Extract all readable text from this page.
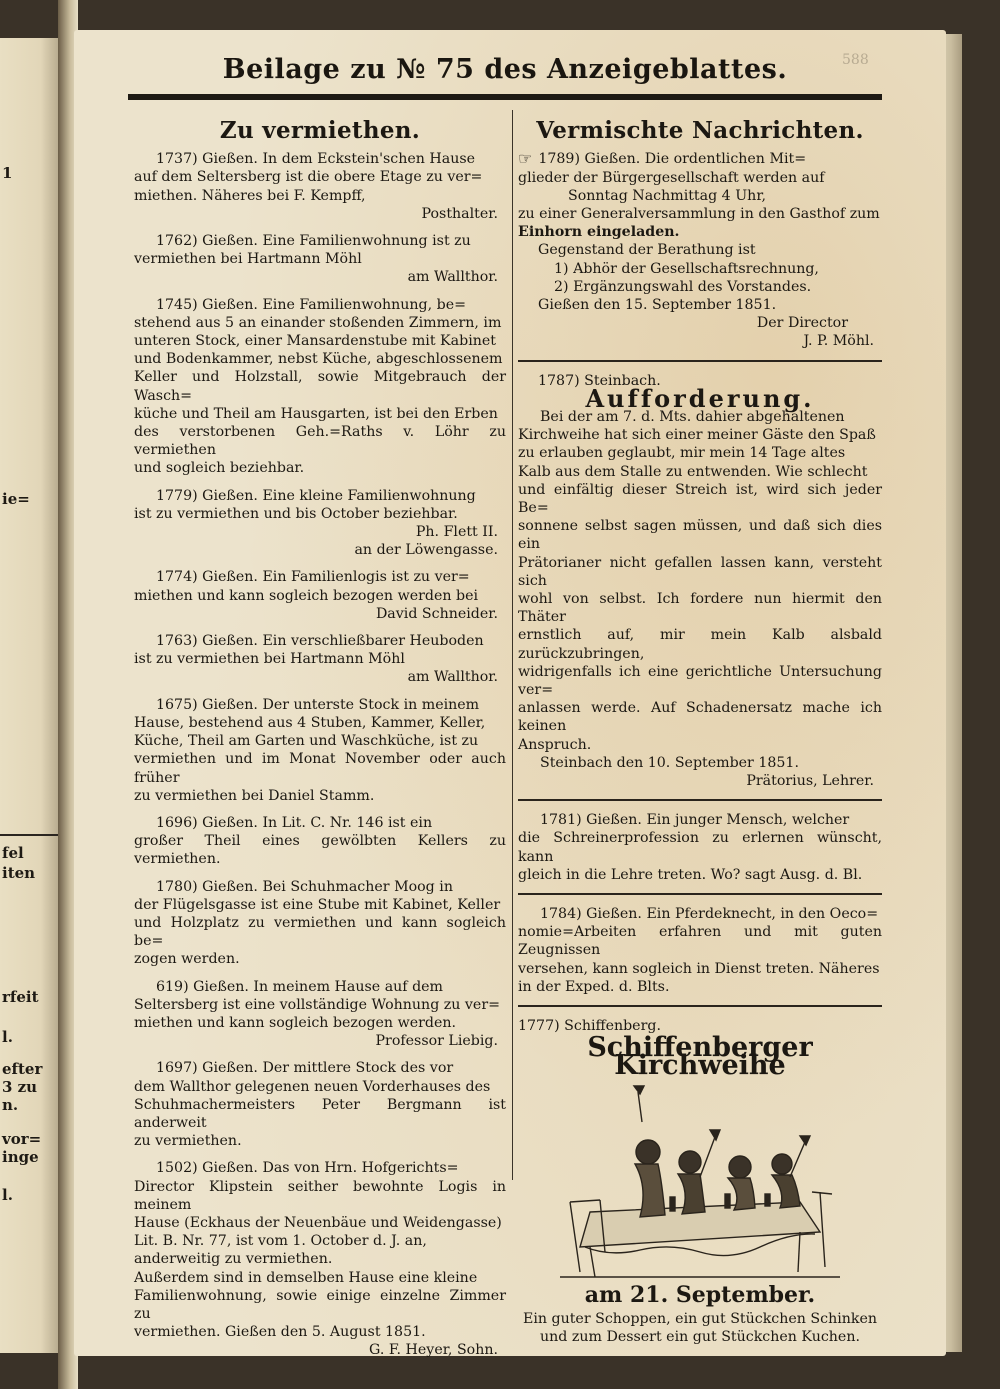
1
ie=
fel
iten
rfeit
l.
efter
3 zu
n.
vor=
inge
l.
588
Beilage zu № 75 des Anzeigeblattes.
Zu vermiethen.
1737) Gießen. In dem Eckstein'schen Hause
auf dem Seltersberg ist die obere Etage zu ver=
miethen. Näheres bei F. Kempff,
Posthalter.
1762) Gießen. Eine Familienwohnung ist zu
vermiethen bei Hartmann Möhl
am Wallthor.
1745) Gießen. Eine Familienwohnung, be=
stehend aus 5 an einander stoßenden Zimmern, im
unteren Stock, einer Mansardenstube mit Kabinet
und Bodenkammer, nebst Küche, abgeschlossenem
Keller und Holzstall, sowie Mitgebrauch der Wasch=
küche und Theil am Hausgarten, ist bei den Erben
des verstorbenen Geh.=Raths v. Löhr zu vermiethen
und sogleich beziehbar.
1779) Gießen. Eine kleine Familienwohnung
ist zu vermiethen und bis October beziehbar.
Ph. Flett II.
an der Löwengasse.
1774) Gießen. Ein Familienlogis ist zu ver=
miethen und kann sogleich bezogen werden bei
David Schneider.
1763) Gießen. Ein verschließbarer Heuboden
ist zu vermiethen bei Hartmann Möhl
am Wallthor.
1675) Gießen. Der unterste Stock in meinem
Hause, bestehend aus 4 Stuben, Kammer, Keller,
Küche, Theil am Garten und Waschküche, ist zu
vermiethen und im Monat November oder auch früher
zu vermiethen bei Daniel Stamm.
1696) Gießen. In Lit. C. Nr. 146 ist ein
großer Theil eines gewölbten Kellers zu vermiethen.
1780) Gießen. Bei Schuhmacher Moog in
der Flügelsgasse ist eine Stube mit Kabinet, Keller
und Holzplatz zu vermiethen und kann sogleich be=
zogen werden.
619) Gießen. In meinem Hause auf dem
Seltersberg ist eine vollständige Wohnung zu ver=
miethen und kann sogleich bezogen werden.
Professor Liebig.
1697) Gießen. Der mittlere Stock des vor
dem Wallthor gelegenen neuen Vorderhauses des
Schuhmachermeisters Peter Bergmann ist anderweit
zu vermiethen.
1502) Gießen. Das von Hrn. Hofgerichts=
Director Klipstein seither bewohnte Logis in meinem
Hause (Eckhaus der Neuenbäue und Weidengasse)
Lit. B. Nr. 77, ist vom 1. October d. J. an,
anderweitig zu vermiethen.
Außerdem sind in demselben Hause eine kleine
Familienwohnung, sowie einige einzelne Zimmer zu
vermiethen. Gießen den 5. August 1851.
G. F. Heyer, Sohn.
Vermischte Nachrichten.
☞ 1789) Gießen. Die ordentlichen Mit=
glieder der Bürgergesellschaft werden auf
Sonntag Nachmittag 4 Uhr,
zu einer Generalversammlung in den Gasthof zum
Einhorn eingeladen.
Gegenstand der Berathung ist
1) Abhör der Gesellschaftsrechnung,
2) Ergänzungswahl des Vorstandes.
Gießen den 15. September 1851.
Der Director
J. P. Möhl.
1787) Steinbach.
Aufforderung.
Bei der am 7. d. Mts. dahier abgehaltenen
Kirchweihe hat sich einer meiner Gäste den Spaß
zu erlauben geglaubt, mir mein 14 Tage altes
Kalb aus dem Stalle zu entwenden. Wie schlecht
und einfältig dieser Streich ist, wird sich jeder Be=
sonnene selbst sagen müssen, und daß sich dies ein
Prätorianer nicht gefallen lassen kann, versteht sich
wohl von selbst. Ich fordere nun hiermit den Thäter
ernstlich auf, mir mein Kalb alsbald zurückzubringen,
widrigenfalls ich eine gerichtliche Untersuchung ver=
anlassen werde. Auf Schadenersatz mache ich keinen
Anspruch.
Steinbach den 10. September 1851.
Prätorius, Lehrer.
1781) Gießen. Ein junger Mensch, welcher
die Schreinerprofession zu erlernen wünscht, kann
gleich in die Lehre treten. Wo? sagt Ausg. d. Bl.
1784) Gießen. Ein Pferdeknecht, in den Oeco=
nomie=Arbeiten erfahren und mit guten Zeugnissen
versehen, kann sogleich in Dienst treten. Näheres
in der Exped. d. Blts.
1777) Schiffenberg.
Schiffenberger Kirchweihe
am 21. September.
Ein guter Schoppen, ein gut Stückchen Schinken
und zum Dessert ein gut Stückchen Kuchen.
